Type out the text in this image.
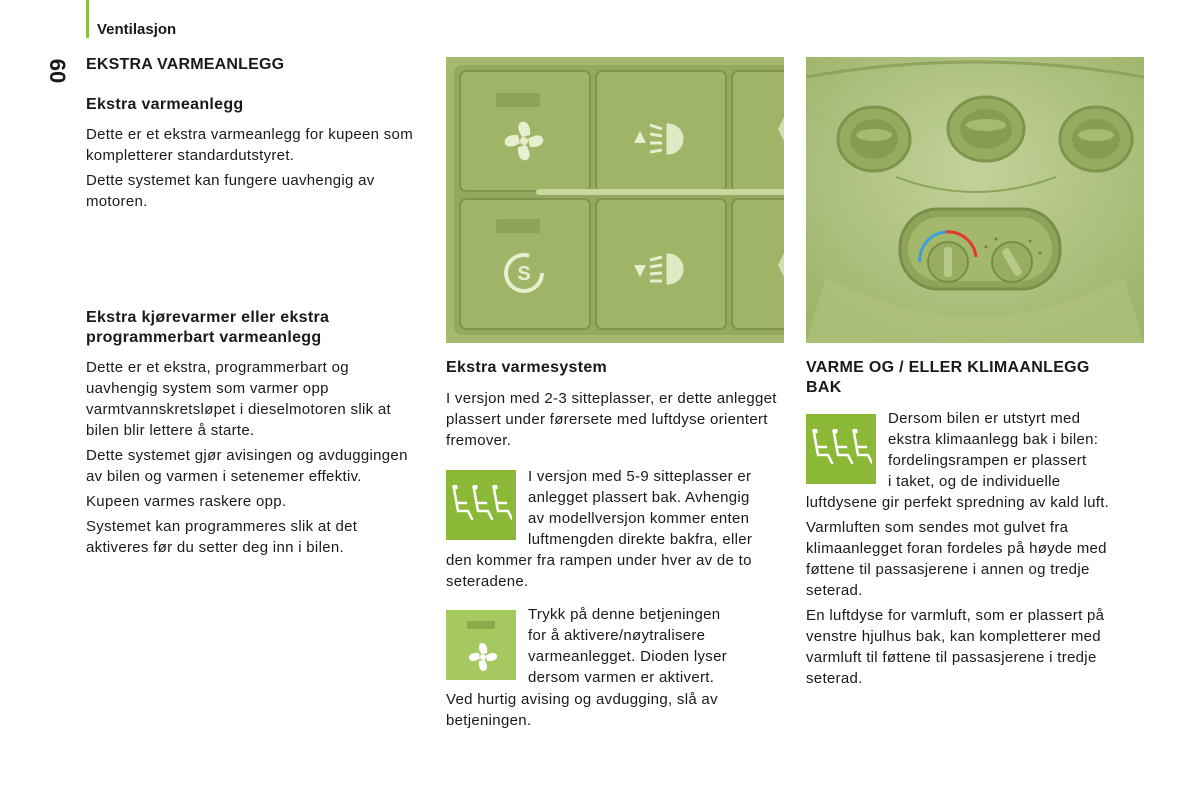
Ventilasjon
60 EKSTRA VARMEANLEGG
Ekstra varmeanlegg

Dette er et ekstra varmeanlegg for kupeen som kompletterer standardutstyret.

Dette systemet kan fungere uavhengig av motoren.

Ekstra kjørevarmer eller ekstra
programmerbart varmeanlegg

Dette er et ekstra, programmerbart og uavhengig system som varmer opp varmtvannskretsløpet i dieselmotoren slik at bilen blir lettere å starte.

Dette systemet gjør avisingen og avduggingen av bilen og varmen i setenemer effektiv.

Kupeen varmes raskere opp.

Systemet kan programmeres slik at det aktiveres før du setter deg inn i bilen.

S
Ekstra varmesystem

I versjon med 2-3 sitteplasser, er dette anlegget plassert under førersete med luftdyse orientert fremover.

I versjon med 5-9 sitteplasser er
anlegget plassert bak. Avhengig
av modellversjon kommer enten
luftmengden direkte bakfra, eller
den kommer fra rampen under hver av de to seteradene.
Trykk på denne betjeningen
for å aktivere/nøytralisere
varmeanlegget. Dioden lyser
dersom varmen er aktivert.
Ved hurtig avising og avdugging, slå av betjeningen.
VARME OG / ELLER KLIMAANLEGG
BAK
Dersom bilen er utstyrt med
ekstra klimaanlegg bak i bilen:
fordelingsrampen er plassert
i taket, og de individuelle

luftdysene gir perfekt spredning av kald luft.

Varmluften som sendes mot gulvet fra klimaanlegget foran fordeles på høyde med føttene til passasjerene i annen og tredje seterad.

En luftdyse for varmluft, som er plassert på venstre hjulhus bak, kan kompletterer med varmluft til føttene til passasjerene i tredje seterad.
